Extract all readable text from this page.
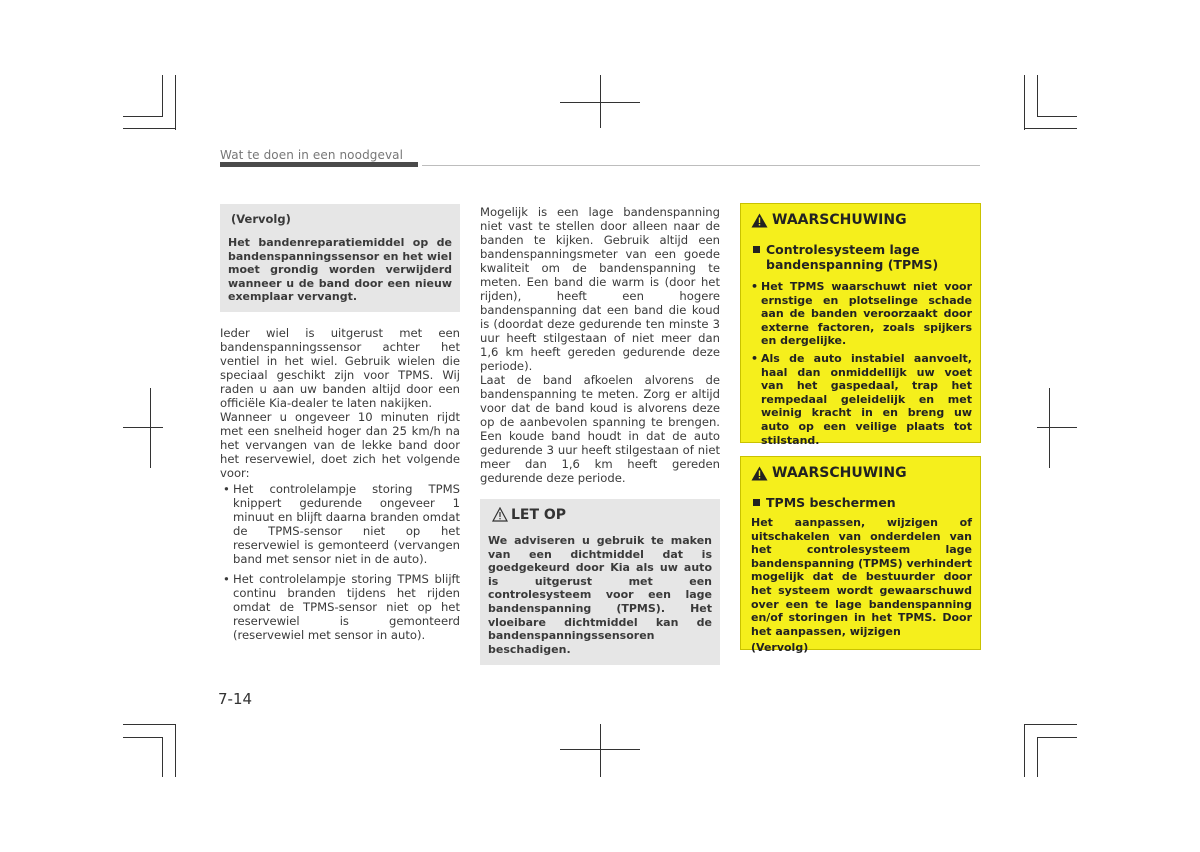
Wat te doen in een noodgeval
(Vervolg)

Het bandenreparatiemiddel op de bandenspanningssensor en het wiel moet grondig worden verwijderd wanneer u de band door een nieuw exemplaar vervangt.

Ieder wiel is uitgerust met een bandenspanningssensor achter het ventiel in het wiel. Gebruik wielen die speciaal geschikt zijn voor TPMS. Wij raden u aan uw banden altijd door een officiële Kia-dealer te laten nakijken.

Wanneer u ongeveer 10 minuten rijdt met een snelheid hoger dan 25 km/h na het vervangen van de lekke band door het reservewiel, doet zich het volgende voor:

• Het controlelampje storing TPMS knippert gedurende ongeveer 1 minuut en blijft daarna branden omdat de TPMS-sensor niet op het reservewiel is gemonteerd (vervangen band met sensor niet in de auto).
• Het controlelampje storing TPMS blijft continu branden tijdens het rijden omdat de TPMS-sensor niet op het reservewiel is gemonteerd (reservewiel met sensor in auto).

Mogelijk is een lage bandenspanning niet vast te stellen door alleen naar de banden te kijken. Gebruik altijd een bandenspanningsmeter van een goede kwaliteit om de bandenspanning te meten. Een band die warm is (door het rijden), heeft een hogere bandenspanning dat een band die koud is (doordat deze gedurende ten minste 3 uur heeft stilgestaan of niet meer dan 1,6 km heeft gereden gedurende deze periode).

Laat de band afkoelen alvorens de bandenspanning te meten. Zorg er altijd voor dat de band koud is alvorens deze op de aanbevolen spanning te brengen. Een koude band houdt in dat de auto gedurende 3 uur heeft stilgestaan of niet meer dan 1,6 km heeft gereden gedurende deze periode.

LET OP

We adviseren u gebruik te maken van een dichtmiddel dat is goedgekeurd door Kia als uw auto is uitgerust met een controlesysteem voor een lage bandenspanning (TPMS). Het vloeibare dichtmiddel kan de bandenspanningssensoren beschadigen.

WAARSCHUWING
Controlesysteem lage bandenspanning (TPMS)
• Het TPMS waarschuwt niet voor ernstige en plotselinge schade aan de banden veroorzaakt door externe factoren, zoals spijkers en dergelijke.
• Als de auto instabiel aanvoelt, haal dan onmiddellijk uw voet van het gaspedaal, trap het rempedaal geleidelijk en met weinig kracht in en breng uw auto op een veilige plaats tot stilstand.
WAARSCHUWING
TPMS beschermen

Het aanpassen, wijzigen of uitschakelen van onderdelen van het controlesysteem lage bandenspanning (TPMS) verhindert mogelijk dat de bestuurder door het systeem wordt gewaarschuwd over een te lage bandenspanning en/of storingen in het TPMS. Door het aanpassen, wijzigen

(Vervolg)
7-14
